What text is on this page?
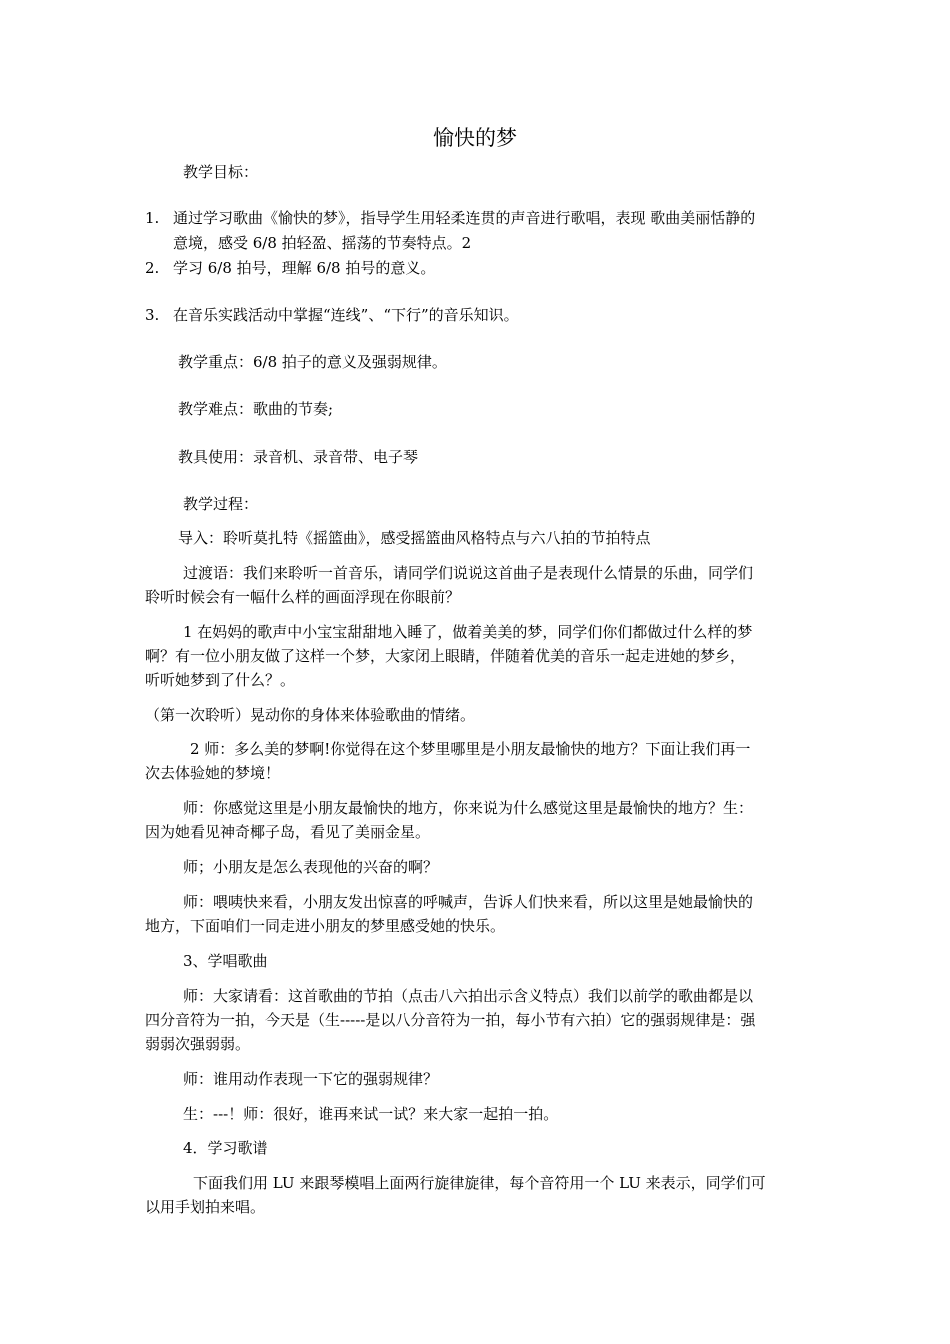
愉快的梦

教学目标：

1. 通过学习歌曲《愉快的梦》，指导学生用轻柔连贯的声音进行歌唱，表现 歌曲美丽恬静的

意境，感受 6/8 拍轻盈、摇荡的节奏特点。2

2. 学习 6/8 拍号，理解 6/8 拍号的意义。

3. 在音乐实践活动中掌握“连线”、“下行”的音乐知识。

教学重点：6/8 拍子的意义及强弱规律。

教学难点：歌曲的节奏;

教具使用：录音机、录音带、电子琴

教学过程：

导入：聆听莫扎特《摇篮曲》，感受摇篮曲风格特点与六八拍的节拍特点

过渡语：我们来聆听一首音乐，请同学们说说这首曲子是表现什么情景的乐曲，同学们

聆听时候会有一幅什么样的画面浮现在你眼前？

1 在妈妈的歌声中小宝宝甜甜地入睡了，做着美美的梦，同学们你们都做过什么样的梦

啊？有一位小朋友做了这样一个梦，大家闭上眼睛，伴随着优美的音乐一起走进她的梦乡，

听听她梦到了什么？。

（第一次聆听）晃动你的身体来体验歌曲的情绪。

2 师：多么美的梦啊!你觉得在这个梦里哪里是小朋友最愉快的地方？下面让我们再一

次去体验她的梦境！

师：你感觉这里是小朋友最愉快的地方，你来说为什么感觉这里是最愉快的地方？生：

因为她看见神奇椰子岛，看见了美丽金星。

师；小朋友是怎么表现他的兴奋的啊？

师：喂咦快来看，小朋友发出惊喜的呼喊声，告诉人们快来看，所以这里是她最愉快的

地方，下面咱们一同走进小朋友的梦里感受她的快乐。

3、学唱歌曲

师：大家请看：这首歌曲的节拍（点击八六拍出示含义特点）我们以前学的歌曲都是以

四分音符为一拍，今天是（生-----是以八分音符为一拍，每小节有六拍）它的强弱规律是：强

弱弱次强弱弱。

师：谁用动作表现一下它的强弱规律？

生：---！师：很好，谁再来试一试？来大家一起拍一拍。

4．学习歌谱

下面我们用 LU 来跟琴模唱上面两行旋律旋律，每个音符用一个 LU 来表示，同学们可

以用手划拍来唱。
